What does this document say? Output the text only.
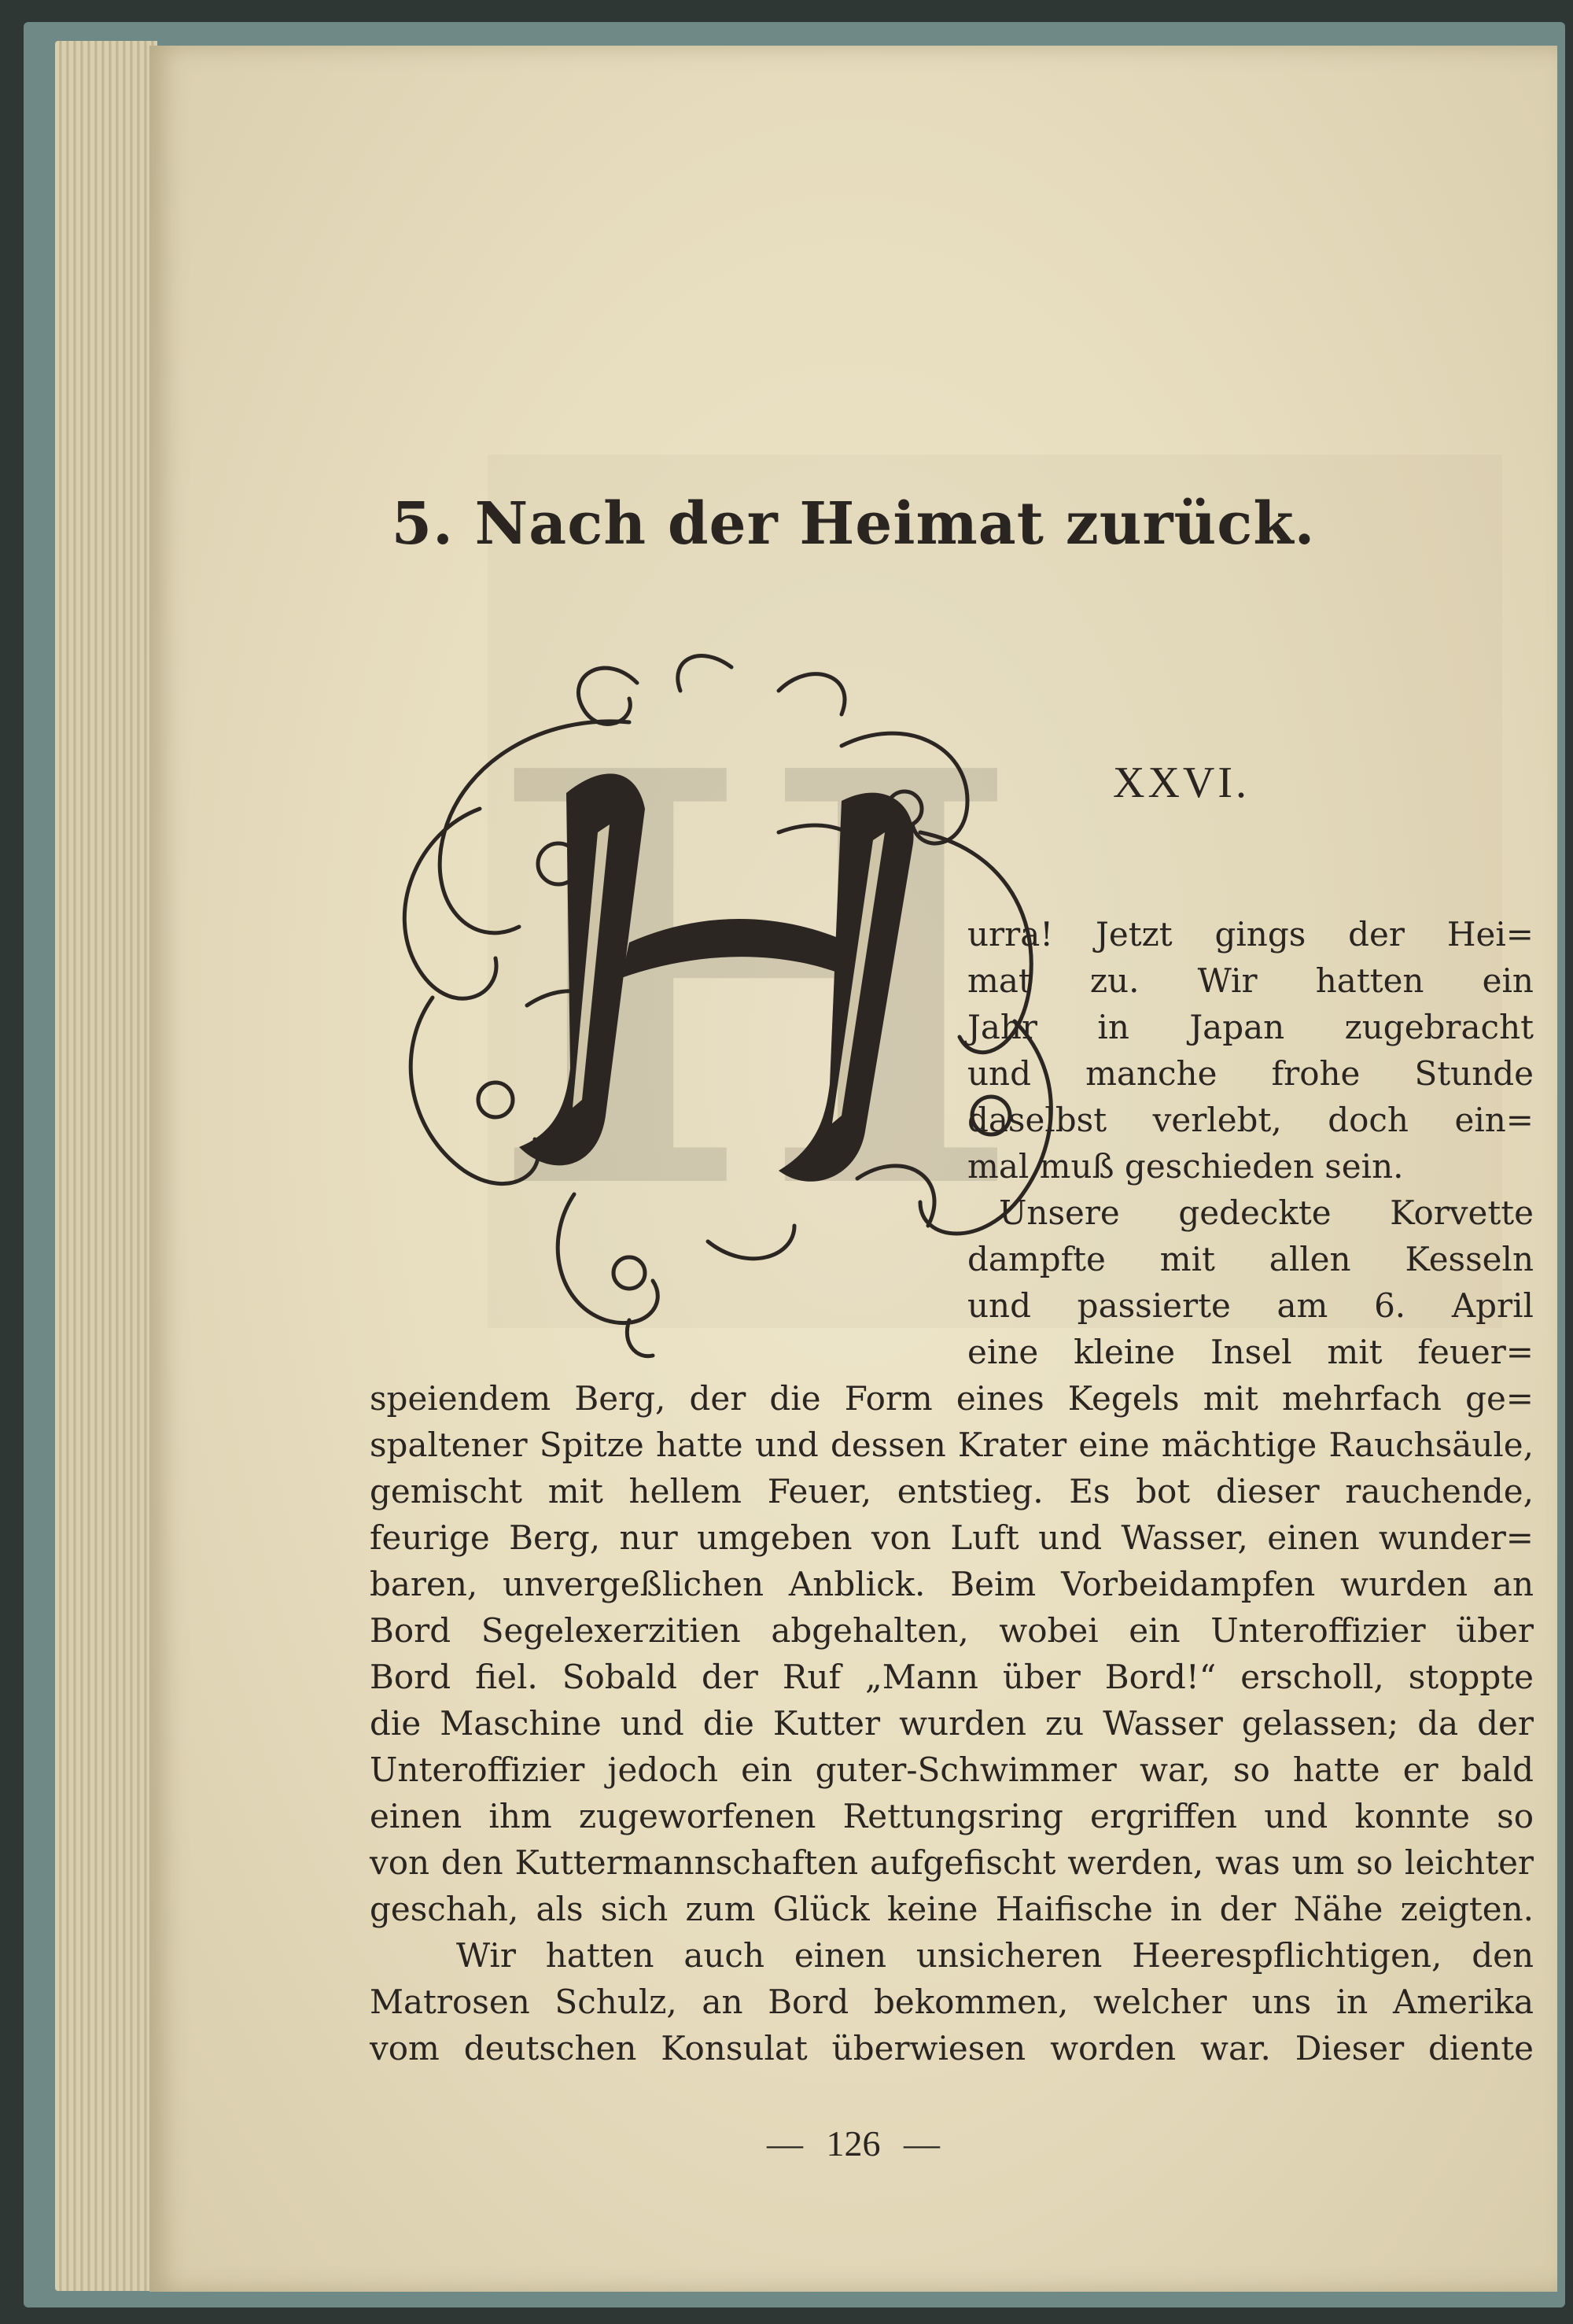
5. Nach der Heimat zurück.
H XXVI.
urra! Jetzt gings der Hei=
mat zu. Wir hatten ein
Jahr in Japan zugebracht
und manche frohe Stunde
daselbst verlebt, doch ein=
mal muß geschieden sein.
Unsere gedeckte Korvette
dampfte mit allen Kesseln
und passierte am 6. April
eine kleine Insel mit feuer=
speiendem Berg, der die Form eines Kegels mit mehrfach ge=
spaltener Spitze hatte und dessen Krater eine mächtige Rauchsäule,
gemischt mit hellem Feuer, entstieg. Es bot dieser rauchende,
feurige Berg, nur umgeben von Luft und Wasser, einen wunder=
baren, unvergeßlichen Anblick. Beim Vorbeidampfen wurden an
Bord Segelexerzitien abgehalten, wobei ein Unteroffizier über
Bord fiel. Sobald der Ruf „Mann über Bord!“ erscholl, stoppte
die Maschine und die Kutter wurden zu Wasser gelassen; da der
Unteroffizier jedoch ein guter-Schwimmer war, so hatte er bald
einen ihm zugeworfenen Rettungsring ergriffen und konnte so
von den Kuttermannschaften aufgefischt werden, was um so leichter
geschah, als sich zum Glück keine Haifische in der Nähe zeigten.
Wir hatten auch einen unsicheren Heerespflichtigen, den
Matrosen Schulz, an Bord bekommen, welcher uns in Amerika
vom deutschen Konsulat überwiesen worden war. Dieser diente
— 126 —
